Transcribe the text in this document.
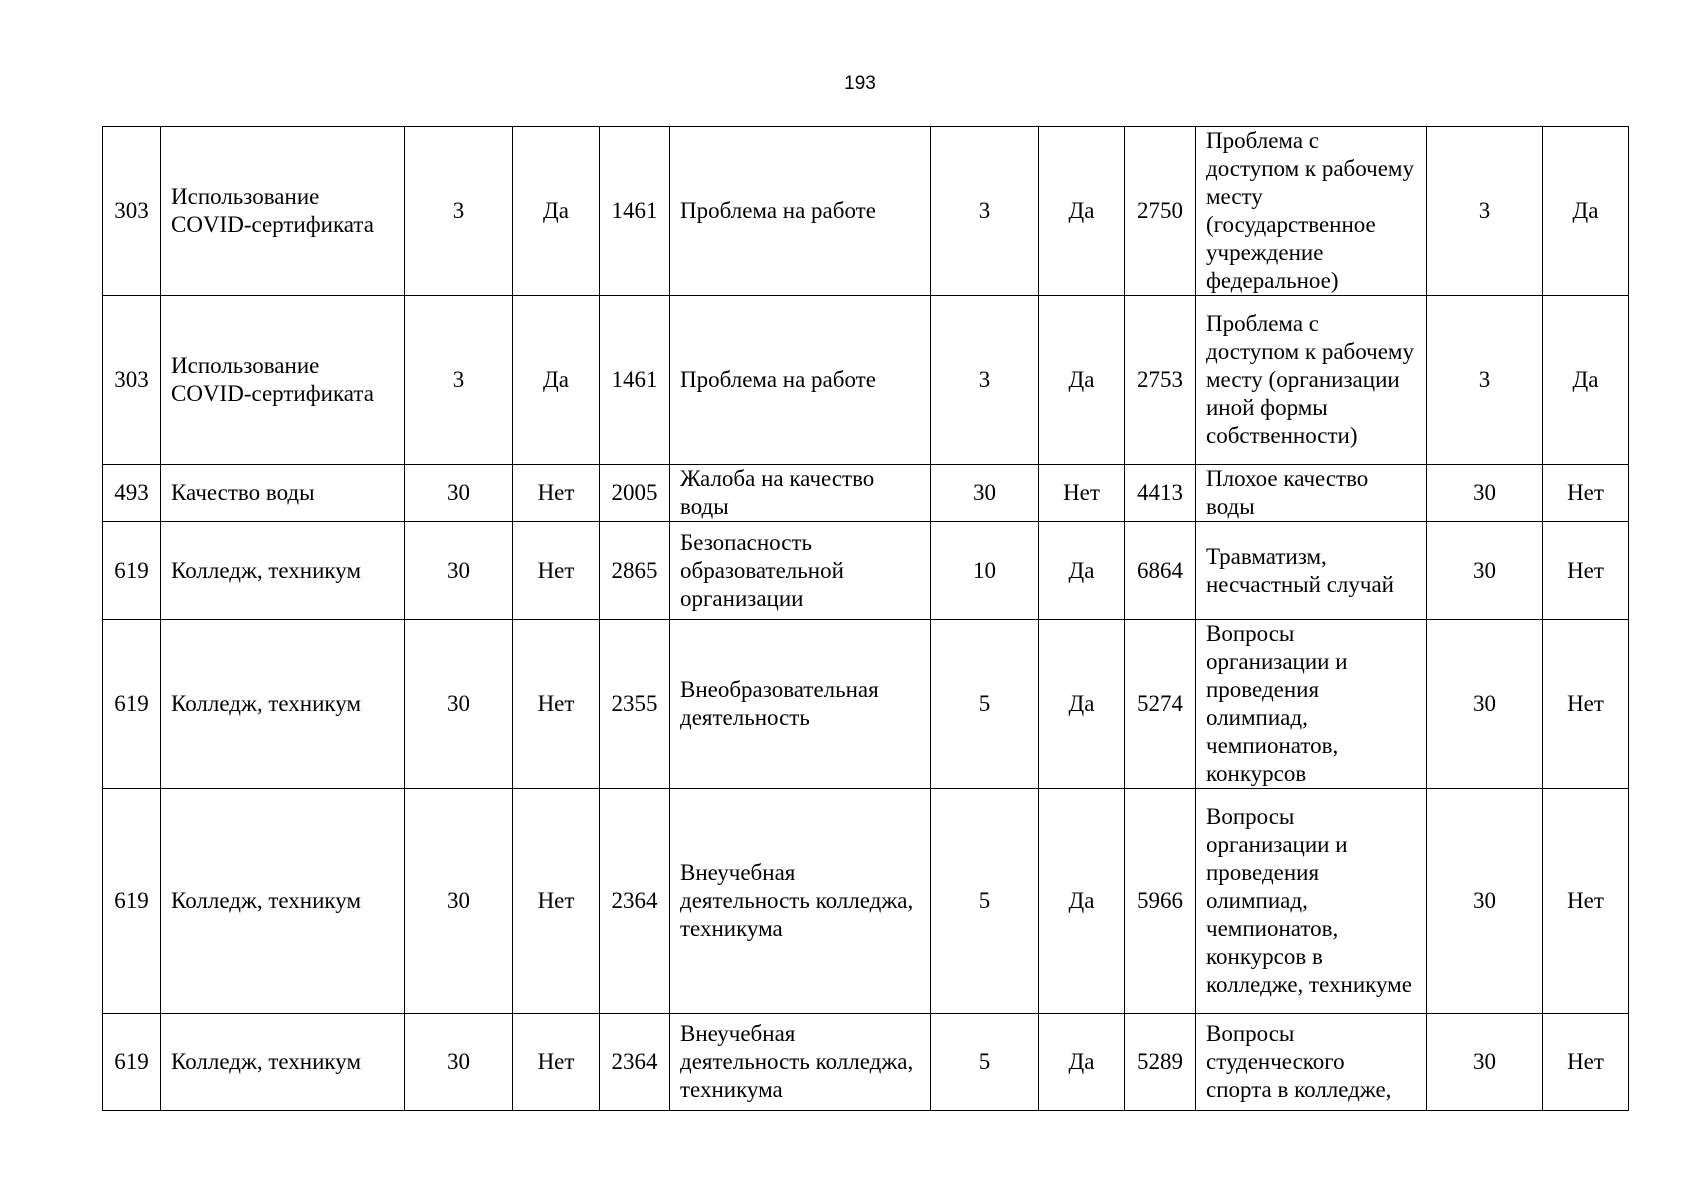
193
303	Использование COVID-сертификата	3	Да	1461	Проблема на работе	3	Да	2750	Проблема с доступом к рабочему месту (государственное учреждение федеральное)	3	Да
303	Использование COVID-сертификата	3	Да	1461	Проблема на работе	3	Да	2753	Проблема с доступом к рабочему месту (организации иной формы собственности)	3	Да
493	Качество воды	30	Нет	2005	Жалоба на качество воды	30	Нет	4413	Плохое качество воды	30	Нет
619	Колледж, техникум	30	Нет	2865	Безопасность образовательной организации	10	Да	6864	Травматизм, несчастный случай	30	Нет
619	Колледж, техникум	30	Нет	2355	Внеобразовательная деятельность	5	Да	5274	Вопросы организации и проведения олимпиад, чемпионатов, конкурсов	30	Нет
619	Колледж, техникум	30	Нет	2364	Внеучебная деятельность колледжа, техникума	5	Да	5966	Вопросы организации и проведения олимпиад, чемпионатов, конкурсов в колледже, техникуме	30	Нет
619	Колледж, техникум	30	Нет	2364	Внеучебная деятельность колледжа, техникума	5	Да	5289	Вопросы студенческого спорта в колледже,	30	Нет
